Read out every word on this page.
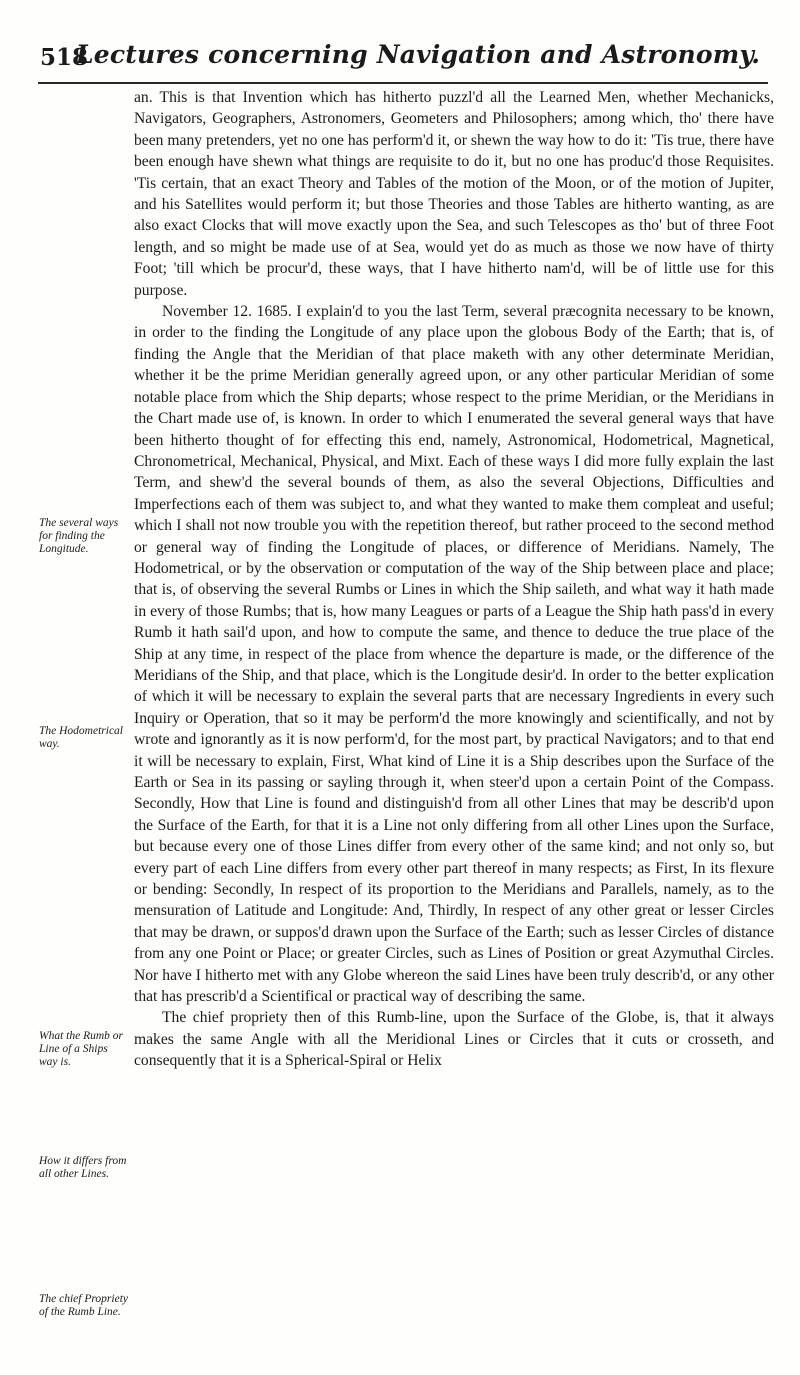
518
Lectures concerning Navigation and Astronomy.

an. This is that Invention which has hitherto puzzl'd all the Learned Men, whether Mechanicks, Navigators, Geographers, Astronomers, Geometers and Philosophers; among which, tho' there have been many pretenders, yet no one has perform'd it, or shewn the way how to do it: 'Tis true, there have been enough have shewn what things are requisite to do it, but no one has produc'd those Requisites. 'Tis certain, that an exact Theory and Tables of the motion of the Moon, or of the motion of Jupiter, and his Satellites would perform it; but those Theories and those Tables are hitherto wanting, as are also exact Clocks that will move exactly upon the Sea, and such Telescopes as tho' but of three Foot length, and so might be made use of at Sea, would yet do as much as those we now have of thirty Foot; 'till which be procur'd, these ways, that I have hitherto nam'd, will be of little use for this purpose.

November 12. 1685. I explain'd to you the last Term, several præcognita necessary to be known, in order to the finding the Longitude of any place upon the globous Body of the Earth; that is, of finding the Angle that the Meridian of that place maketh with any other determinate Meridian, whether it be the prime Meridian generally agreed upon, or any other particular Meridian of some notable place from which the Ship departs; whose respect to the prime Meridian, or the Meridians in the Chart made use of, is known. In order to which I enumerated the several general ways that have been hitherto thought of for effecting this end, namely, Astronomical, Hodometrical, Magnetical, Chronometrical, Mechanical, Physical, and Mixt. Each of these ways I did more fully explain the last Term, and shew'd the several bounds of them, as also the several Objections, Difficulties and Imperfections each of them was subject to, and what they wanted to make them compleat and useful; which I shall not now trouble you with the repetition thereof, but rather proceed to the second method or general way of finding the Longitude of places, or difference of Meridians. Namely, The Hodometrical, or by the observation or computation of the way of the Ship between place and place; that is, of observing the several Rumbs or Lines in which the Ship saileth, and what way it hath made in every of those Rumbs; that is, how many Leagues or parts of a League the Ship hath pass'd in every Rumb it hath sail'd upon, and how to compute the same, and thence to deduce the true place of the Ship at any time, in respect of the place from whence the departure is made, or the difference of the Meridians of the Ship, and that place, which is the Longitude desir'd. In order to the better explication of which it will be necessary to explain the several parts that are necessary Ingredients in every such Inquiry or Operation, that so it may be perform'd the more knowingly and scientifically, and not by wrote and ignorantly as it is now perform'd, for the most part, by practical Navigators; and to that end it will be necessary to explain, First, What kind of Line it is a Ship describes upon the Surface of the Earth or Sea in its passing or sayling through it, when steer'd upon a certain Point of the Compass. Secondly, How that Line is found and distinguish'd from all other Lines that may be describ'd upon the Surface of the Earth, for that it is a Line not only differing from all other Lines upon the Surface, but because every one of those Lines differ from every other of the same kind; and not only so, but every part of each Line differs from every other part thereof in many respects; as First, In its flexure or bending: Secondly, In respect of its proportion to the Meridians and Parallels, namely, as to the mensuration of Latitude and Longitude: And, Thirdly, In respect of any other great or lesser Circles that may be drawn, or suppos'd drawn upon the Surface of the Earth; such as lesser Circles of distance from any one Point or Place; or greater Circles, such as Lines of Position or great Azymuthal Circles. Nor have I hitherto met with any Globe whereon the said Lines have been truly describ'd, or any other that has prescrib'd a Scientifical or practical way of describing the same.

The chief propriety then of this Rumb-line, upon the Surface of the Globe, is, that it always makes the same Angle with all the Meridional Lines or Circles that it cuts or crosseth, and consequently that it is a Spherical-Spiral or Helix

The several ways for finding the Longitude.
The Hodometrical way.
What the Rumb or Line of a Ships way is.
How it differs from all other Lines.
The chief Propriety of the Rumb Line.
